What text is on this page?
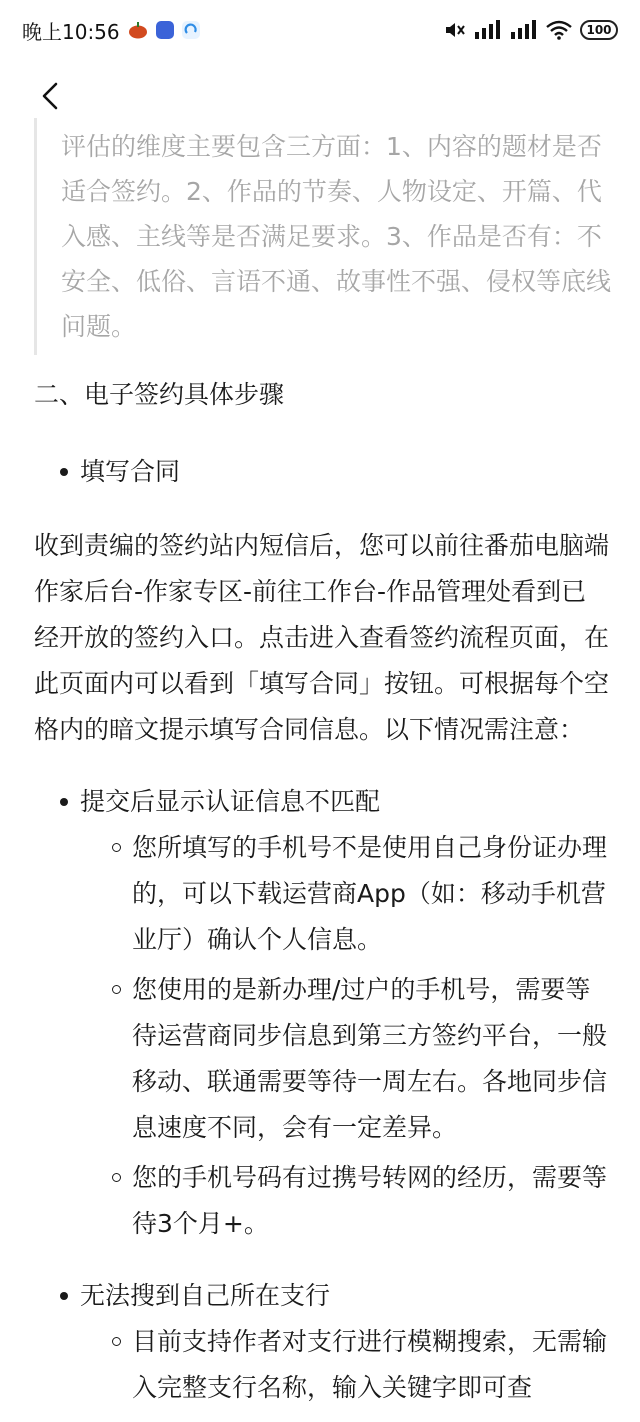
晚上10:56	100
评估的维度主要包含三方面：1、内容的题材是否适合签约。2、作品的节奏、人物设定、开篇、代入感、主线等是否满足要求。3、作品是否有：不安全、低俗、言语不通、故事性不强、侵权等底线问题。
二、电子签约具体步骤
填写合同
收到责编的签约站内短信后，您可以前往番茄电脑端作家后台-作家专区-前往工作台-作品管理处看到已经开放的签约入口。点击进入查看签约流程页面，在此页面内可以看到「填写合同」按钮。可根据每个空格内的暗文提示填写合同信息。以下情况需注意：
提交后显示认证信息不匹配
您所填写的手机号不是使用自己身份证办理的，可以下载运营商App（如：移动手机营业厅）确认个人信息。
您使用的是新办理/过户的手机号，需要等待运营商同步信息到第三方签约平台，一般移动、联通需要等待一周左右。各地同步信息速度不同，会有一定差异。
您的手机号码有过携号转网的经历，需要等待3个月+。
无法搜到自己所在支行
目前支持作者对支行进行模糊搜索，无需输入完整支行名称，输入关键字即可查
